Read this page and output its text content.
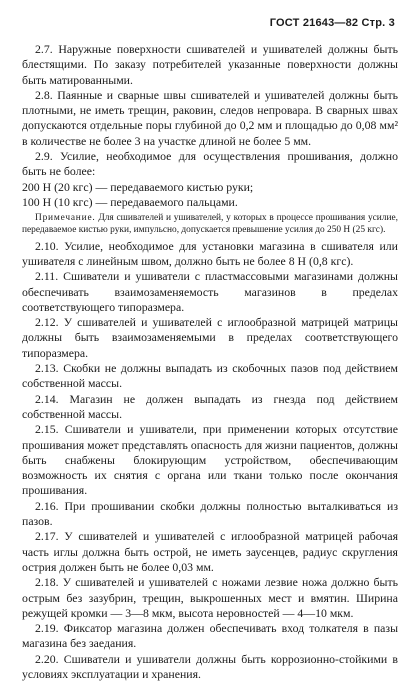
ГОСТ 21643—82 Стр. 3

2.7. Наружные поверхности сшивателей и ушивателей должны быть блестящими. По заказу потребителей указанные поверхности должны быть матированными.

2.8. Паянные и сварные швы сшивателей и ушивателей должны быть плотными, не иметь трещин, раковин, следов непровара. В сварных швах допускаются отдельные поры глубиной до 0,2 мм и площадью до 0,08 мм² в количестве не более 3 на участке длиной не более 5 мм.

2.9. Усилие, необходимое для осуществления прошивания, должно быть не более:

200 Н (20 кгс) — передаваемого кистью руки;

100 Н (10 кгс) — передаваемого пальцами.

Примечание. Для сшивателей и ушивателей, у которых в процессе прошивания усилие, передаваемое кистью руки, импульсно, допускается превышение усилия до 250 Н (25 кгс).

2.10. Усилие, необходимое для установки магазина в сшивателя или ушивателя с линейным швом, должно быть не более 8 Н (0,8 кгс).

2.11. Сшиватели и ушиватели с пластмассовыми магазинами должны обеспечивать взаимозаменяемость магазинов в пределах соответствующего типоразмера.

2.12. У сшивателей и ушивателей с иглообразной матрицей матрицы должны быть взаимозаменяемыми в пределах соответствующего типоразмера.

2.13. Скобки не должны выпадать из скобочных пазов под действием собственной массы.

2.14. Магазин не должен выпадать из гнезда под действием собственной массы.

2.15. Сшиватели и ушиватели, при применении которых отсутствие прошивания может представлять опасность для жизни пациентов, должны быть снабжены блокирующим устройством, обеспечивающим возможность их снятия с органа или ткани только после окончания прошивания.

2.16. При прошивании скобки должны полностью выталкиваться из пазов.

2.17. У сшивателей и ушивателей с иглообразной матрицей рабочая часть иглы должна быть острой, не иметь заусенцев, радиус скругления острия должен быть не более 0,03 мм.

2.18. У сшивателей и ушивателей с ножами лезвие ножа должно быть острым без зазубрин, трещин, выкрошенных мест и вмятин. Ширина режущей кромки — 3—8 мкм, высота неровностей — 4—10 мкм.

2.19. Фиксатор магазина должен обеспечивать вход толкателя в пазы магазина без заедания.

2.20. Сшиватели и ушиватели должны быть коррозионно-стойкими в условиях эксплуатации и хранения.
